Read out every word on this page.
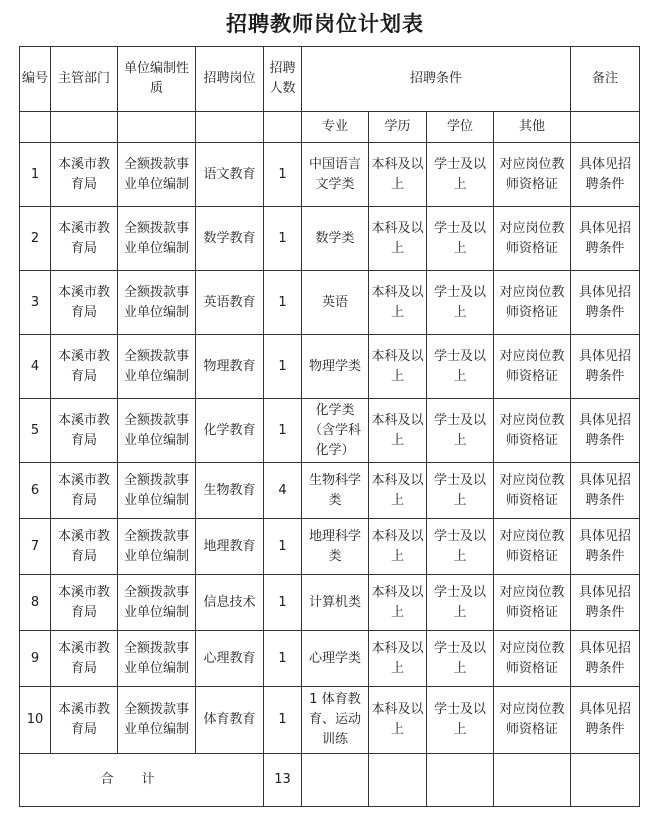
招聘教师岗位计划表
编号	主管部门	单位编制性质	招聘岗位	招聘人数	招聘条件				备注
					专业	学历	学位	其他	
1	本溪市教育局	全额拨款事业单位编制	语文教育	1	中国语言文学类	本科及以上	学士及以上	对应岗位教师资格证	具体见招聘条件
2	本溪市教育局	全额拨款事业单位编制	数学教育	1	数学类	本科及以上	学士及以上	对应岗位教师资格证	具体见招聘条件
3	本溪市教育局	全额拨款事业单位编制	英语教育	1	英语	本科及以上	学士及以上	对应岗位教师资格证	具体见招聘条件
4	本溪市教育局	全额拨款事业单位编制	物理教育	1	物理学类	本科及以上	学士及以上	对应岗位教师资格证	具体见招聘条件
5	本溪市教育局	全额拨款事业单位编制	化学教育	1	化学类（含学科化学）	本科及以上	学士及以上	对应岗位教师资格证	具体见招聘条件
6	本溪市教育局	全额拨款事业单位编制	生物教育	4	生物科学类	本科及以上	学士及以上	对应岗位教师资格证	具体见招聘条件
7	本溪市教育局	全额拨款事业单位编制	地理教育	1	地理科学类	本科及以上	学士及以上	对应岗位教师资格证	具体见招聘条件
8	本溪市教育局	全额拨款事业单位编制	信息技术	1	计算机类	本科及以上	学士及以上	对应岗位教师资格证	具体见招聘条件
9	本溪市教育局	全额拨款事业单位编制	心理教育	1	心理学类	本科及以上	学士及以上	对应岗位教师资格证	具体见招聘条件
10	本溪市教育局	全额拨款事业单位编制	体育教育	1	1 体育教育、运动训练	本科及以上	学士及以上	对应岗位教师资格证	具体见招聘条件
合计				13					
